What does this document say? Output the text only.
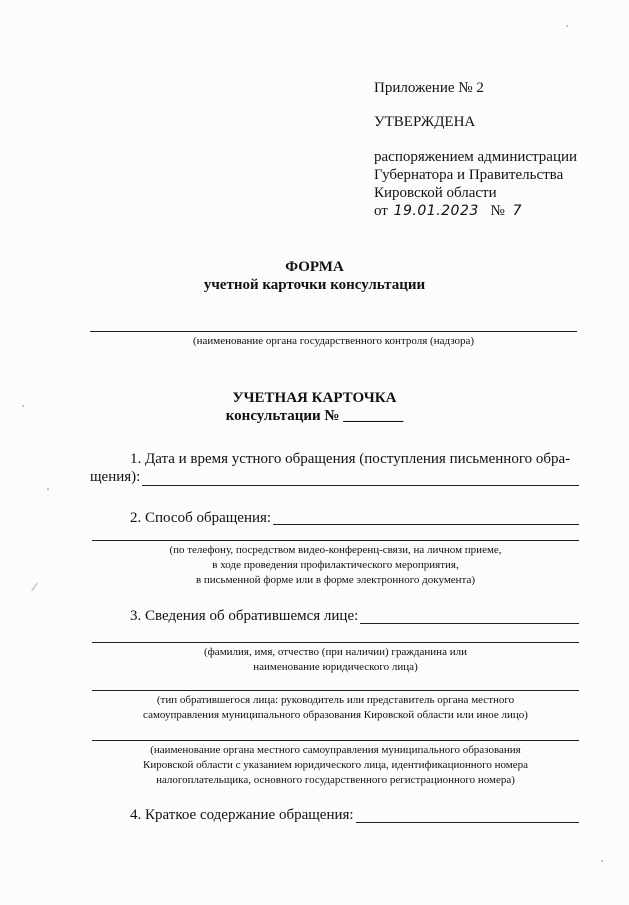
Приложение № 2
УТВЕРЖДЕНА
распоряжением администрации
Губернатора и Правительства
Кировской области
от 19.01.2023 № 7
ФОРМА
учетной карточки консультации
(наименование органа государственного контроля (надзора)
УЧЕТНАЯ КАРТОЧКА
консультации № ________
1. Дата и время устного обращения (поступления письменного обра-
щения):
2. Способ обращения:
(по телефону, посредством видео-конференц-связи, на личном приеме,
в ходе проведения профилактического мероприятия,
в письменной форме или в форме электронного документа)
3. Сведения об обратившемся лице:
(фамилия, имя, отчество (при наличии) гражданина или
наименование юридического лица)
(тип обратившегося лица: руководитель или представитель органа местного
самоуправления муниципального образования Кировской области или иное лицо)
(наименование органа местного самоуправления муниципального образования
Кировской области с указанием юридического лица, идентификационного номера
налогоплательщика, основного государственного регистрационного номера)
4. Краткое содержание обращения:
